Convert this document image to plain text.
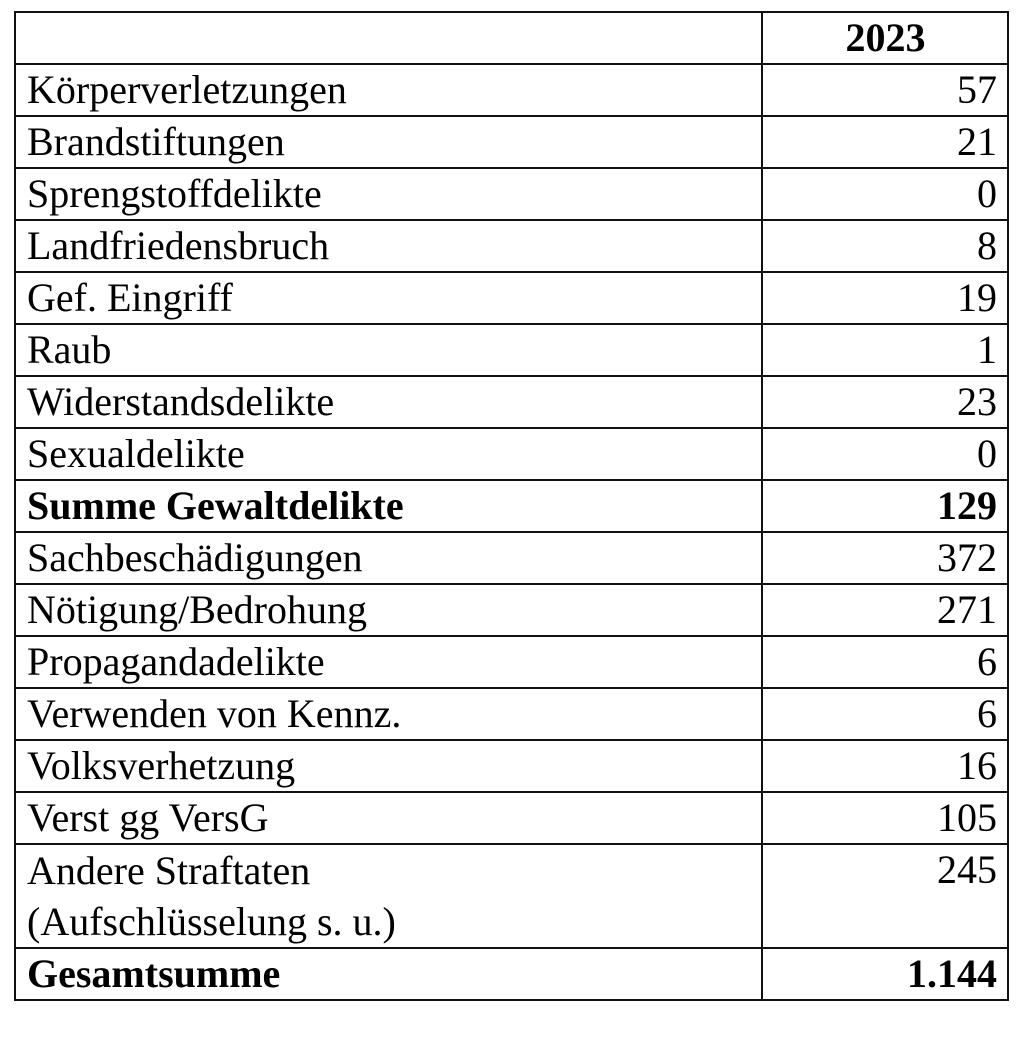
	2023
Körperverletzungen	57
Brandstiftungen	21
Sprengstoffdelikte	0
Landfriedensbruch	8
Gef. Eingriff	19
Raub	1
Widerstandsdelikte	23
Sexualdelikte	0
Summe Gewaltdelikte	129
Sachbeschädigungen	372
Nötigung/Bedrohung	271
Propagandadelikte	6
Verwenden von Kennz.	6
Volksverhetzung	16
Verst gg VersG	105

Andere Straftaten
(Aufschlüsselung s. u.)	245
Gesamtsumme	1.144
